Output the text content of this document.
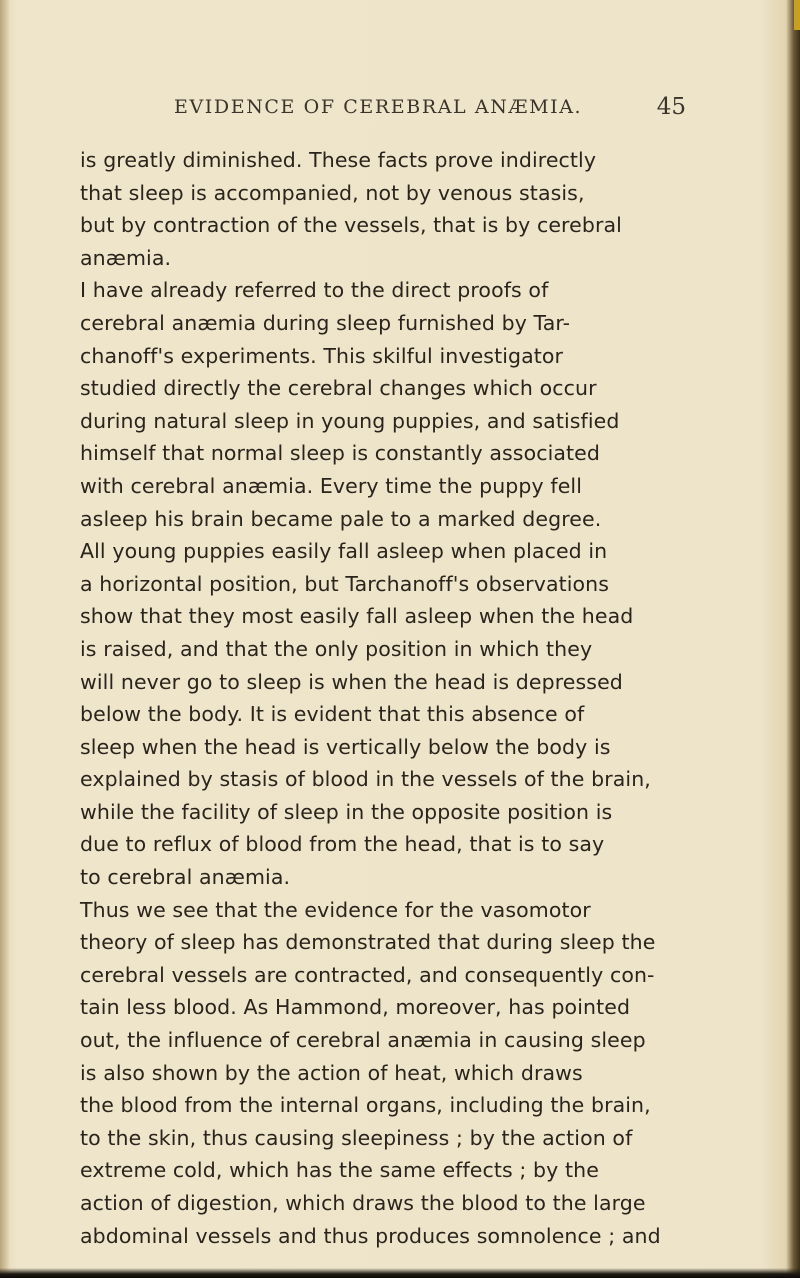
EVIDENCE OF CEREBRAL ANÆMIA.	45
is greatly diminished. These facts prove indirectly
that sleep is accompanied, not by venous stasis,
but by contraction of the vessels, that is by cerebral
anæmia.
I have already referred to the direct proofs of
cerebral anæmia during sleep furnished by Tar-
chanoff's experiments. This skilful investigator
studied directly the cerebral changes which occur
during natural sleep in young puppies, and satisfied
himself that normal sleep is constantly associated
with cerebral anæmia. Every time the puppy fell
asleep his brain became pale to a marked degree.
All young puppies easily fall asleep when placed in
a horizontal position, but Tarchanoff's observations
show that they most easily fall asleep when the head
is raised, and that the only position in which they
will never go to sleep is when the head is depressed
below the body. It is evident that this absence of
sleep when the head is vertically below the body is
explained by stasis of blood in the vessels of the brain,
while the facility of sleep in the opposite position is
due to reflux of blood from the head, that is to say
to cerebral anæmia.
Thus we see that the evidence for the vasomotor
theory of sleep has demonstrated that during sleep the
cerebral vessels are contracted, and consequently con-
tain less blood. As Hammond, moreover, has pointed
out, the influence of cerebral anæmia in causing sleep
is also shown by the action of heat, which draws
the blood from the internal organs, including the brain,
to the skin, thus causing sleepiness ; by the action of
extreme cold, which has the same effects ; by the
action of digestion, which draws the blood to the large
abdominal vessels and thus produces somnolence ; and
